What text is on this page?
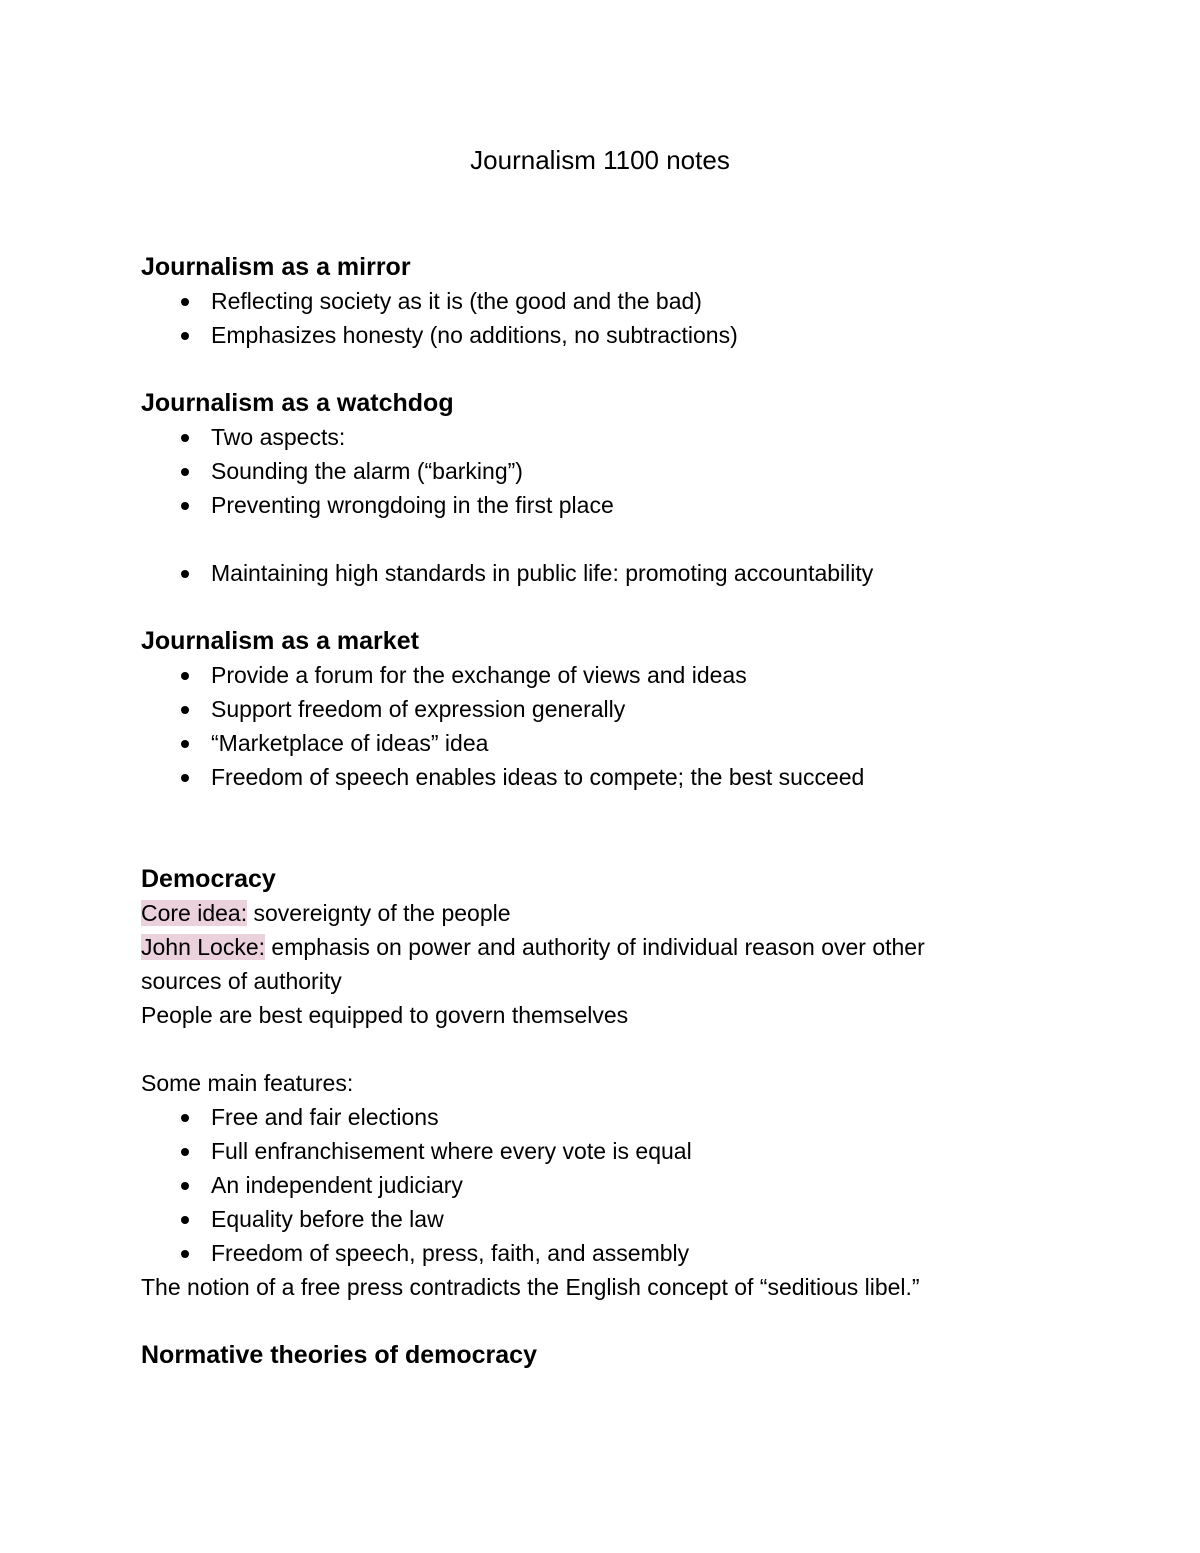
Journalism 1100 notes
Journalism as a mirror
Reflecting society as it is (the good and the bad)
Emphasizes honesty (no additions, no subtractions)
Journalism as a watchdog
Two aspects:
Sounding the alarm (“barking”)
Preventing wrongdoing in the first place
Maintaining high standards in public life: promoting accountability
Journalism as a market
Provide a forum for the exchange of views and ideas
Support freedom of expression generally
“Marketplace of ideas” idea
Freedom of speech enables ideas to compete; the best succeed
Democracy

Core idea: sovereignty of the people

John Locke: emphasis on power and authority of individual reason over other

sources of authority

People are best equipped to govern themselves

Some main features:

Free and fair elections
Full enfranchisement where every vote is equal
An independent judiciary
Equality before the law
Freedom of speech, press, faith, and assembly

The notion of a free press contradicts the English concept of “seditious libel.”

Normative theories of democracy
